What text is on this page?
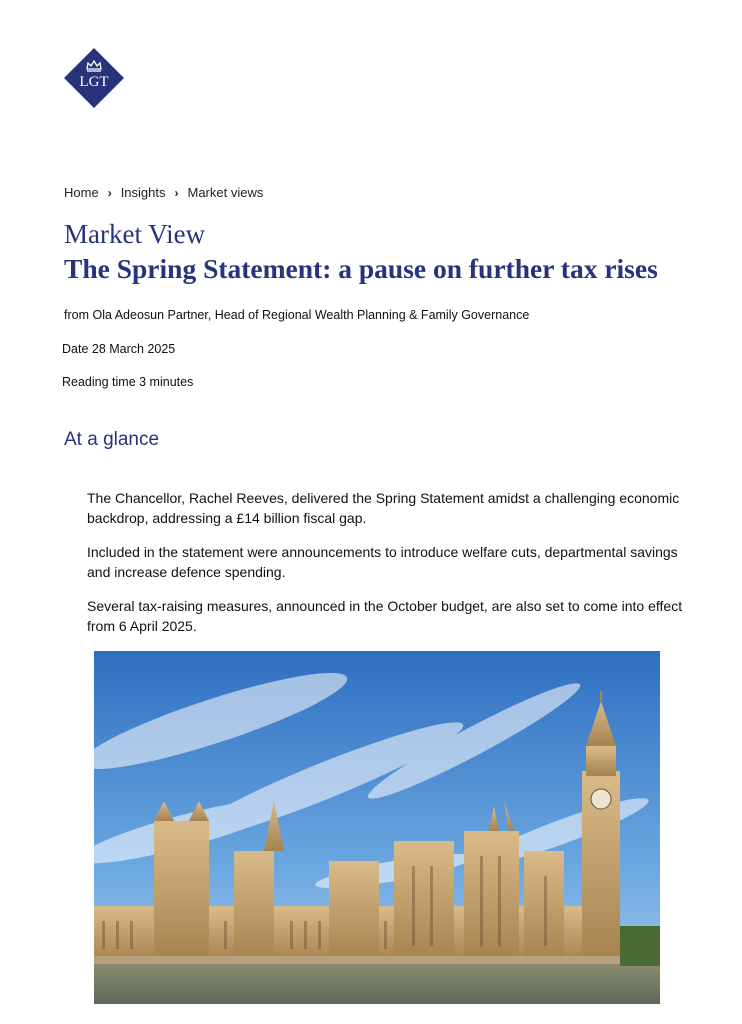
LGT
Home › Insights › Market views
Market View
The Spring Statement: a pause on further tax rises
from Ola Adeosun Partner, Head of Regional Wealth Planning & Family Governance
Date 28 March 2025
Reading time 3 minutes
At a glance

The Chancellor, Rachel Reeves, delivered the Spring Statement amidst a challenging economic backdrop, addressing a £14 billion fiscal gap.

Included in the statement were announcements to introduce welfare cuts, departmental savings and increase defence spending.

Several tax-raising measures, announced in the October budget, are also set to come into effect from 6 April 2025.
